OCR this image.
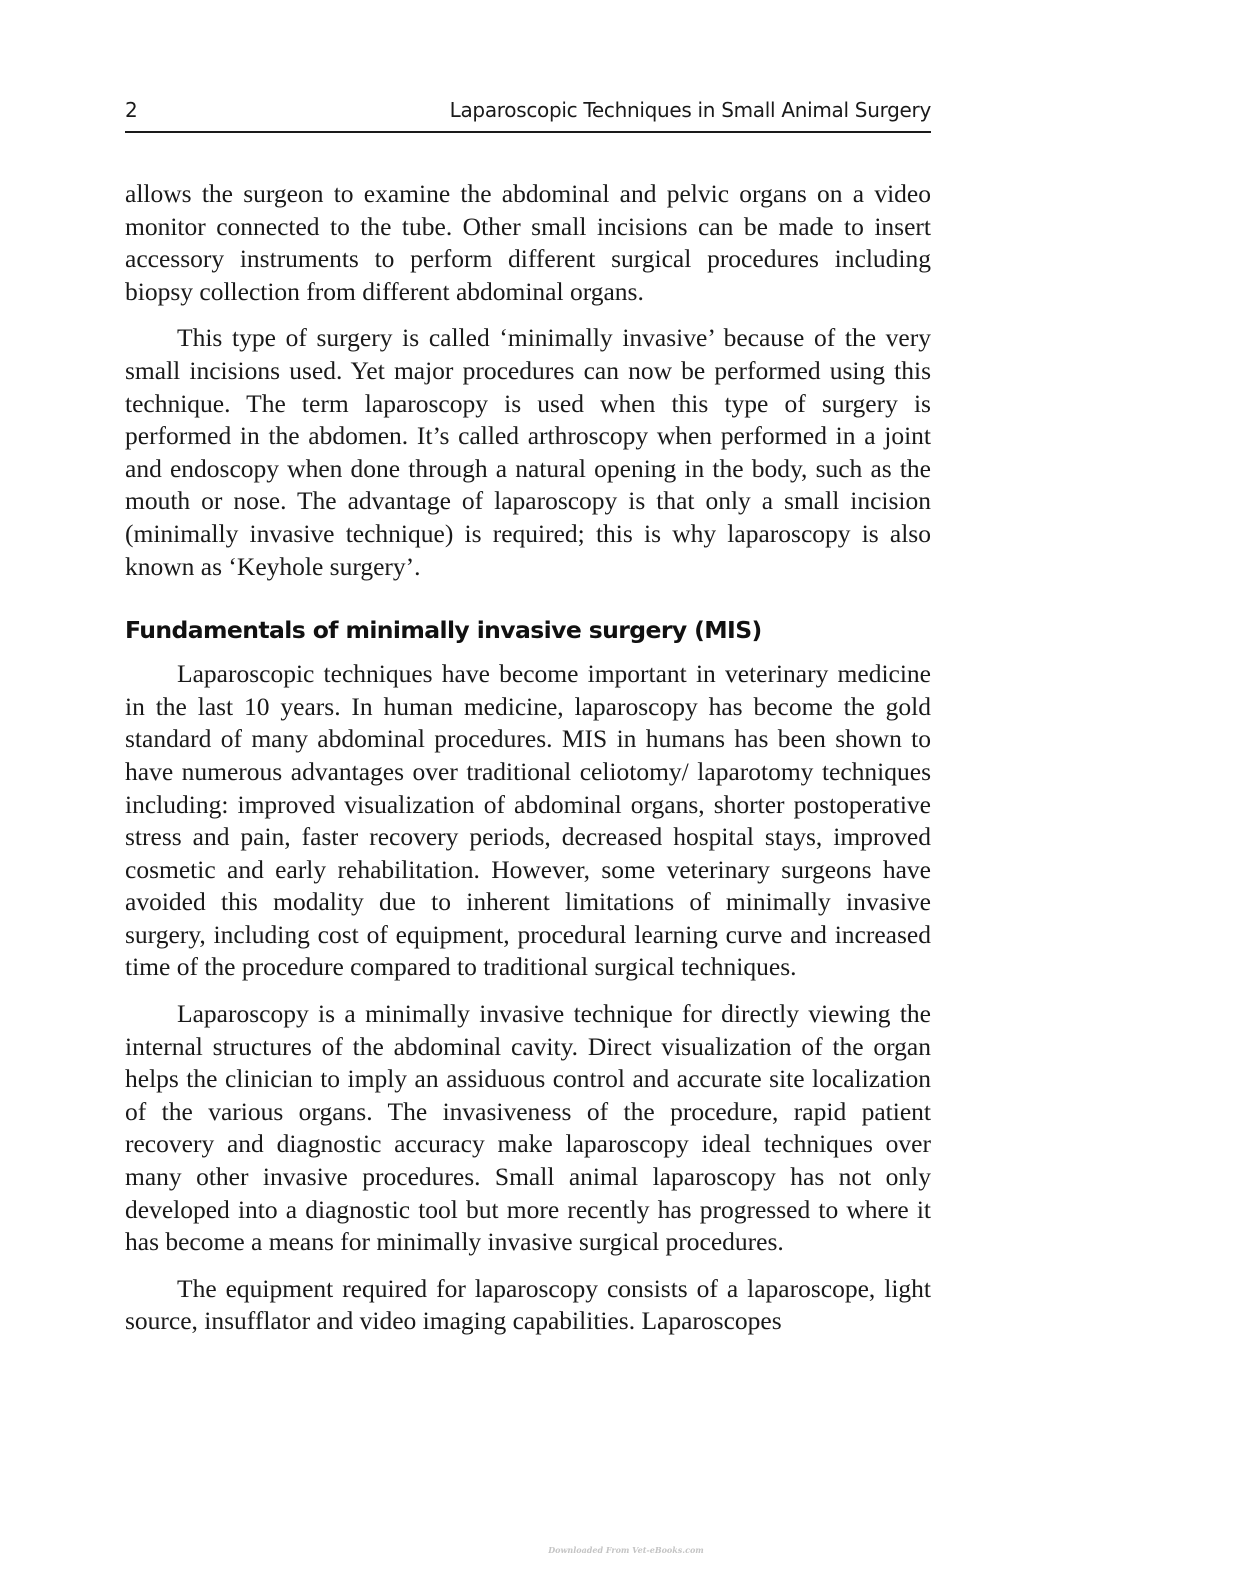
2	Laparoscopic Techniques in Small Animal Surgery

allows the surgeon to examine the abdominal and pelvic organs on a video monitor connected to the tube. Other small incisions can be made to insert accessory instruments to perform different surgical procedures including biopsy collection from different abdominal organs.

This type of surgery is called ‘minimally invasive’ because of the very small incisions used. Yet major procedures can now be performed using this technique. The term laparoscopy is used when this type of surgery is performed in the abdomen. It’s called arthroscopy when performed in a joint and endoscopy when done through a natural opening in the body, such as the mouth or nose. The advantage of laparoscopy is that only a small incision (minimally invasive technique) is required; this is why laparoscopy is also known as ‘Keyhole surgery’.

Fundamentals of minimally invasive surgery (MIS)

Laparoscopic techniques have become important in veterinary medicine in the last 10 years. In human medicine, laparoscopy has become the gold standard of many abdominal procedures. MIS in humans has been shown to have numerous advantages over traditional celiotomy/ laparotomy techniques including: improved visualization of abdominal organs, shorter postoperative stress and pain, faster recovery periods, decreased hospital stays, improved cosmetic and early rehabilitation. However, some veterinary surgeons have avoided this modality due to inherent limitations of minimally invasive surgery, including cost of equipment, procedural learning curve and increased time of the procedure compared to traditional surgical techniques.

Laparoscopy is a minimally invasive technique for directly viewing the internal structures of the abdominal cavity. Direct visualization of the organ helps the clinician to imply an assiduous control and accurate site localization of the various organs. The invasiveness of the procedure, rapid patient recovery and diagnostic accuracy make laparoscopy ideal techniques over many other invasive procedures. Small animal laparoscopy has not only developed into a diagnostic tool but more recently has progressed to where it has become a means for minimally invasive surgical procedures.

The equipment required for laparoscopy consists of a laparoscope, light source, insufflator and video imaging capabilities. Laparoscopes

Downloaded From Vet-eBooks.com
